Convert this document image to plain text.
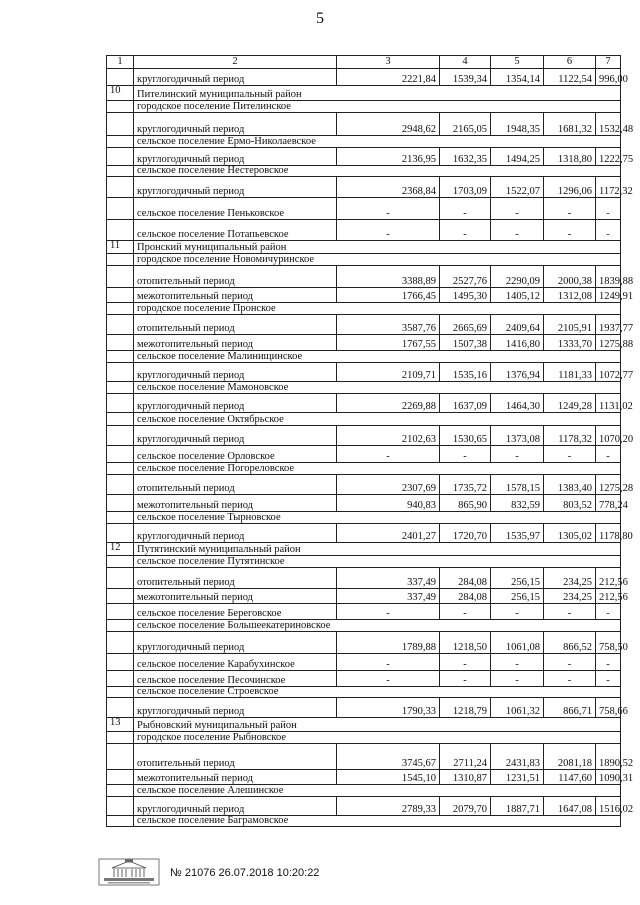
5
1	2	3	4	5	6	7
	круглогодичный период	2221,84	1539,34	1354,14	1122,54	996,00
10	Пителинский муниципальный район					
	городское поселение Пителинское					
	круглогодичный период	2948,62	2165,05	1948,35	1681,32	1532,48
	сельское поселение Ермо-Николаевское					
	круглогодичный период	2136,95	1632,35	1494,25	1318,80	1222,75
	сельское поселение Нестеровское					
	круглогодичный период	2368,84	1703,09	1522,07	1296,06	1172,32
	сельское поселение Пеньковское	-	-	-	-	-
	сельское поселение Потапьевское	-	-	-	-	-
11	Пронский муниципальный район					
	городское поселение Новомичуринское					
	отопительный период	3388,89	2527,76	2290,09	2000,38	1839,88
	межотопительный период	1766,45	1495,30	1405,12	1312,08	1249,91
	городское поселение Пронское					
	отопительный период	3587,76	2665,69	2409,64	2105,91	1937,77
	межотопительный период	1767,55	1507,38	1416,80	1333,70	1275,88
	сельское поселение Малинищинское					
	круглогодичный период	2109,71	1535,16	1376,94	1181,33	1072,77
	сельское поселение Мамоновское					
	круглогодичный период	2269,88	1637,09	1464,30	1249,28	1131,02
	сельское поселение Октябрьское					
	круглогодичный период	2102,63	1530,65	1373,08	1178,32	1070,20
	сельское поселение Орловское	-	-	-	-	-
	сельское поселение Погореловское					
	отопительный период	2307,69	1735,72	1578,15	1383,40	1275,28
	межотопительный период	940,83	865,90	832,59	803,52	778,24
	сельское поселение Тырновское					
	круглогодичный период	2401,27	1720,70	1535,97	1305,02	1178,80
12	Путятинский муниципальный район					
	сельское поселение Путятинское					
	отопительный период	337,49	284,08	256,15	234,25	212,56
	межотопительный период	337,49	284,08	256,15	234,25	212,56
	сельское поселение Береговское	-	-	-	-	-
	сельское поселение Большеекатериновское					
	круглогодичный период	1789,88	1218,50	1061,08	866,52	758,50
	сельское поселение Карабухинское	-	-	-	-	-
	сельское поселение Песочинское	-	-	-	-	-
	сельское поселение Строевское					
	круглогодичный период	1790,33	1218,79	1061,32	866,71	758,66
13	Рыбновский муниципальный район					
	городское поселение Рыбновское					
	отопительный период	3745,67	2711,24	2431,83	2081,18	1890,52
	межотопительный период	1545,10	1310,87	1231,51	1147,60	1090,31
	сельское поселение Алешинское					
	круглогодичный период	2789,33	2079,70	1887,71	1647,08	1516,02
	сельское поселение Баграмовское					
№ 21076 26.07.2018 10:20:22
